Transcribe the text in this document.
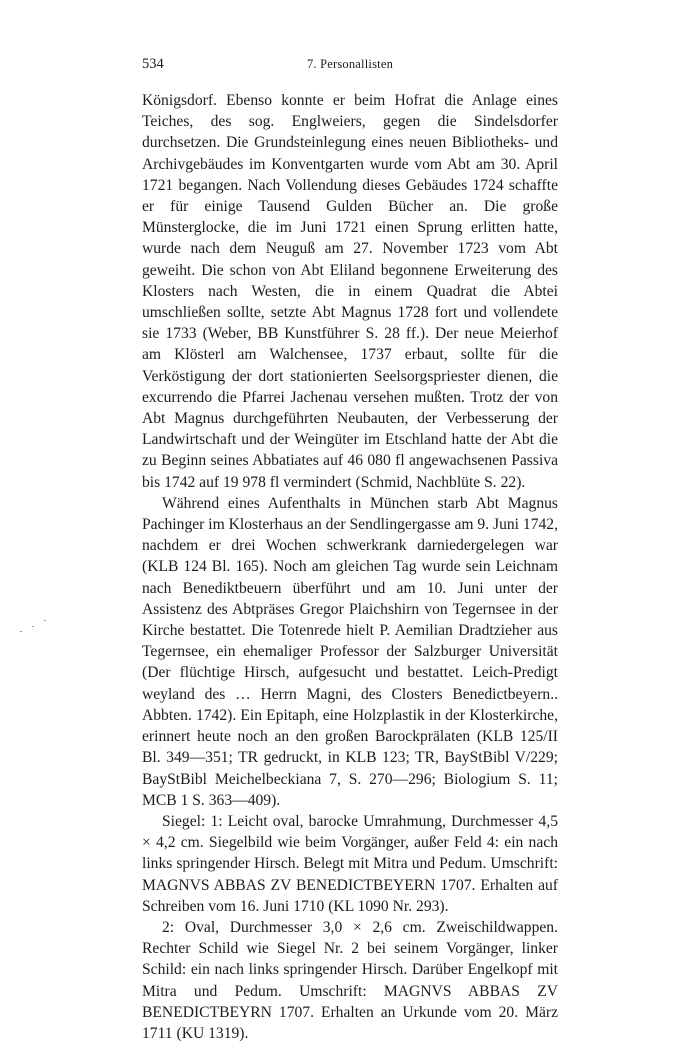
534	7. Personallisten

Königsdorf. Ebenso konnte er beim Hofrat die Anlage eines Teiches, des sog. Englweiers, gegen die Sindelsdorfer durchsetzen. Die Grundsteinlegung eines neuen Bibliotheks- und Archivgebäudes im Konventgarten wurde vom Abt am 30. April 1721 begangen. Nach Vollendung dieses Gebäudes 1724 schaffte er für einige Tausend Gulden Bücher an. Die große Münsterglocke, die im Juni 1721 einen Sprung erlitten hatte, wurde nach dem Neuguß am 27. November 1723 vom Abt geweiht. Die schon von Abt Eliland begonnene Erweiterung des Klosters nach Westen, die in einem Quadrat die Abtei umschließen sollte, setzte Abt Magnus 1728 fort und vollendete sie 1733 (Weber, BB Kunstführer S. 28 ff.). Der neue Meierhof am Klösterl am Walchensee, 1737 erbaut, sollte für die Verköstigung der dort stationierten Seelsorgspriester dienen, die excurrendo die Pfarrei Jachenau versehen mußten. Trotz der von Abt Magnus durchgeführten Neubauten, der Verbesserung der Landwirtschaft und der Weingüter im Etschland hatte der Abt die zu Beginn seines Abbatiates auf 46 080 fl angewachsenen Passiva bis 1742 auf 19 978 fl vermindert (Schmid, Nachblüte S. 22).

Während eines Aufenthalts in München starb Abt Magnus Pachinger im Klosterhaus an der Sendlingergasse am 9. Juni 1742, nachdem er drei Wochen schwerkrank darniedergelegen war (KLB 124 Bl. 165). Noch am gleichen Tag wurde sein Leichnam nach Benediktbeuern überführt und am 10. Juni unter der Assistenz des Abtpräses Gregor Plaichshirn von Tegernsee in der Kirche bestattet. Die Totenrede hielt P. Aemilian Dradtzieher aus Tegernsee, ein ehemaliger Professor der Salzburger Universität (Der flüchtige Hirsch, aufgesucht und bestattet. Leich-Predigt weyland des … Herrn Magni, des Closters Benedictbeyern.. Abbten. 1742). Ein Epitaph, eine Holzplastik in der Klosterkirche, erinnert heute noch an den großen Barockprälaten (KLB 125/II Bl. 349—351; TR gedruckt, in KLB 123; TR, BayStBibl V/229; BayStBibl Meichelbeckiana 7, S. 270—296; Biologium S. 11; MCB 1 S. 363—409).

Siegel: 1: Leicht oval, barocke Umrahmung, Durchmesser 4,5 × 4,2 cm. Siegelbild wie beim Vorgänger, außer Feld 4: ein nach links springender Hirsch. Belegt mit Mitra und Pedum. Umschrift: MAGNVS ABBAS ZV BENEDICTBEYERN 1707. Erhalten auf Schreiben vom 16. Juni 1710 (KL 1090 Nr. 293).

2: Oval, Durchmesser 3,0 × 2,6 cm. Zweischildwappen. Rechter Schild wie Siegel Nr. 2 bei seinem Vorgänger, linker Schild: ein nach links springender Hirsch. Darüber Engelkopf mit Mitra und Pedum. Umschrift: MAGNVS ABBAS ZV BENEDICTBEYRN 1707. Erhalten an Urkunde vom 20. März 1711 (KU 1319).
